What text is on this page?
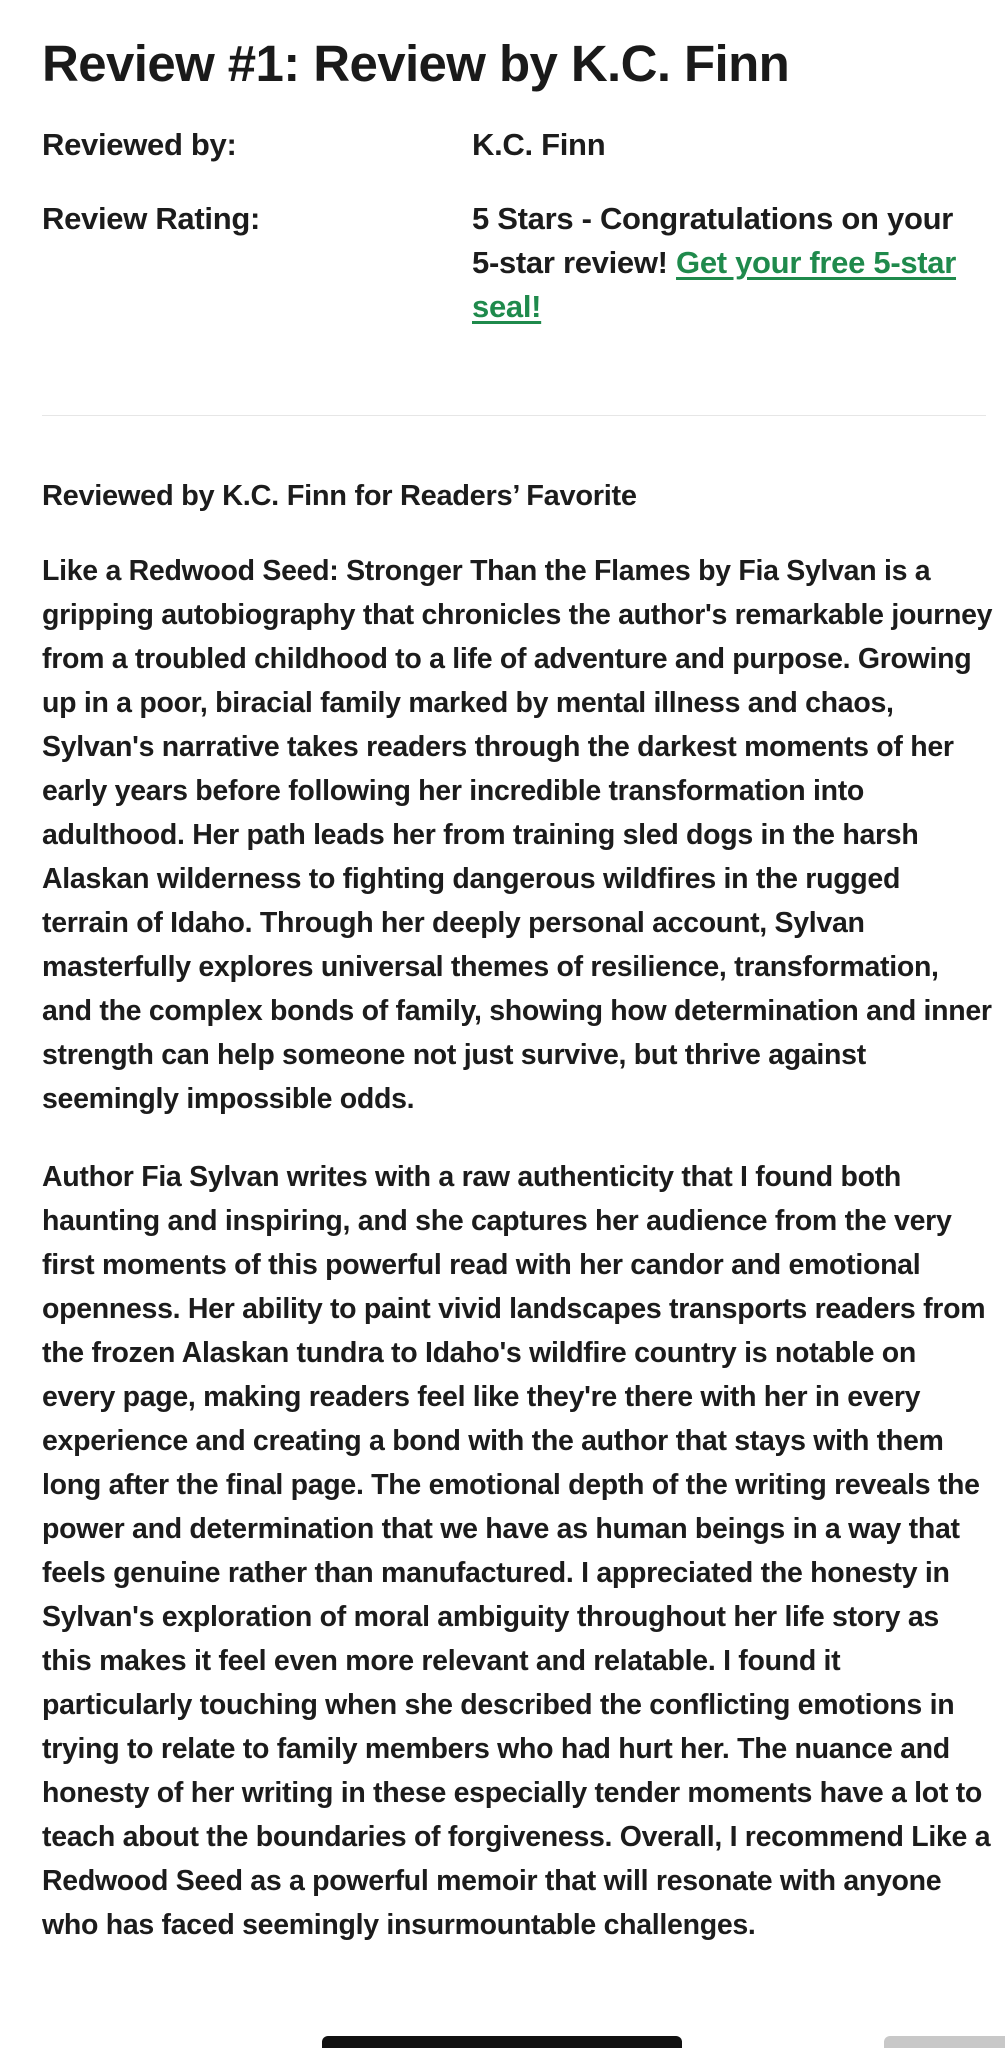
Review #1: Review by K.C. Finn
Reviewed by:	K.C. Finn
Review Rating:	5 Stars - Congratulations on your 5-star review! Get your free 5-star seal!

Reviewed by K.C. Finn for Readers’ Favorite

Like a Redwood Seed: Stronger Than the Flames by Fia Sylvan is a gripping autobiography that chronicles the author's remarkable journey from a troubled childhood to a life of adventure and purpose. Growing up in a poor, biracial family marked by mental illness and chaos, Sylvan's narrative takes readers through the darkest moments of her early years before following her incredible transformation into adulthood. Her path leads her from training sled dogs in the harsh Alaskan wilderness to fighting dangerous wildfires in the rugged terrain of Idaho. Through her deeply personal account, Sylvan masterfully explores universal themes of resilience, transformation, and the complex bonds of family, showing how determination and inner strength can help someone not just survive, but thrive against seemingly impossible odds.

Author Fia Sylvan writes with a raw authenticity that I found both haunting and inspiring, and she captures her audience from the very first moments of this powerful read with her candor and emotional openness. Her ability to paint vivid landscapes transports readers from the frozen Alaskan tundra to Idaho's wildfire country is notable on every page, making readers feel like they're there with her in every experience and creating a bond with the author that stays with them long after the final page. The emotional depth of the writing reveals the power and determination that we have as human beings in a way that feels genuine rather than manufactured. I appreciated the honesty in Sylvan's exploration of moral ambiguity throughout her life story as this makes it feel even more relevant and relatable. I found it particularly touching when she described the conflicting emotions in trying to relate to family members who had hurt her. The nuance and honesty of her writing in these especially tender moments have a lot to teach about the boundaries of forgiveness. Overall, I recommend Like a Redwood Seed as a powerful memoir that will resonate with anyone who has faced seemingly insurmountable challenges.
